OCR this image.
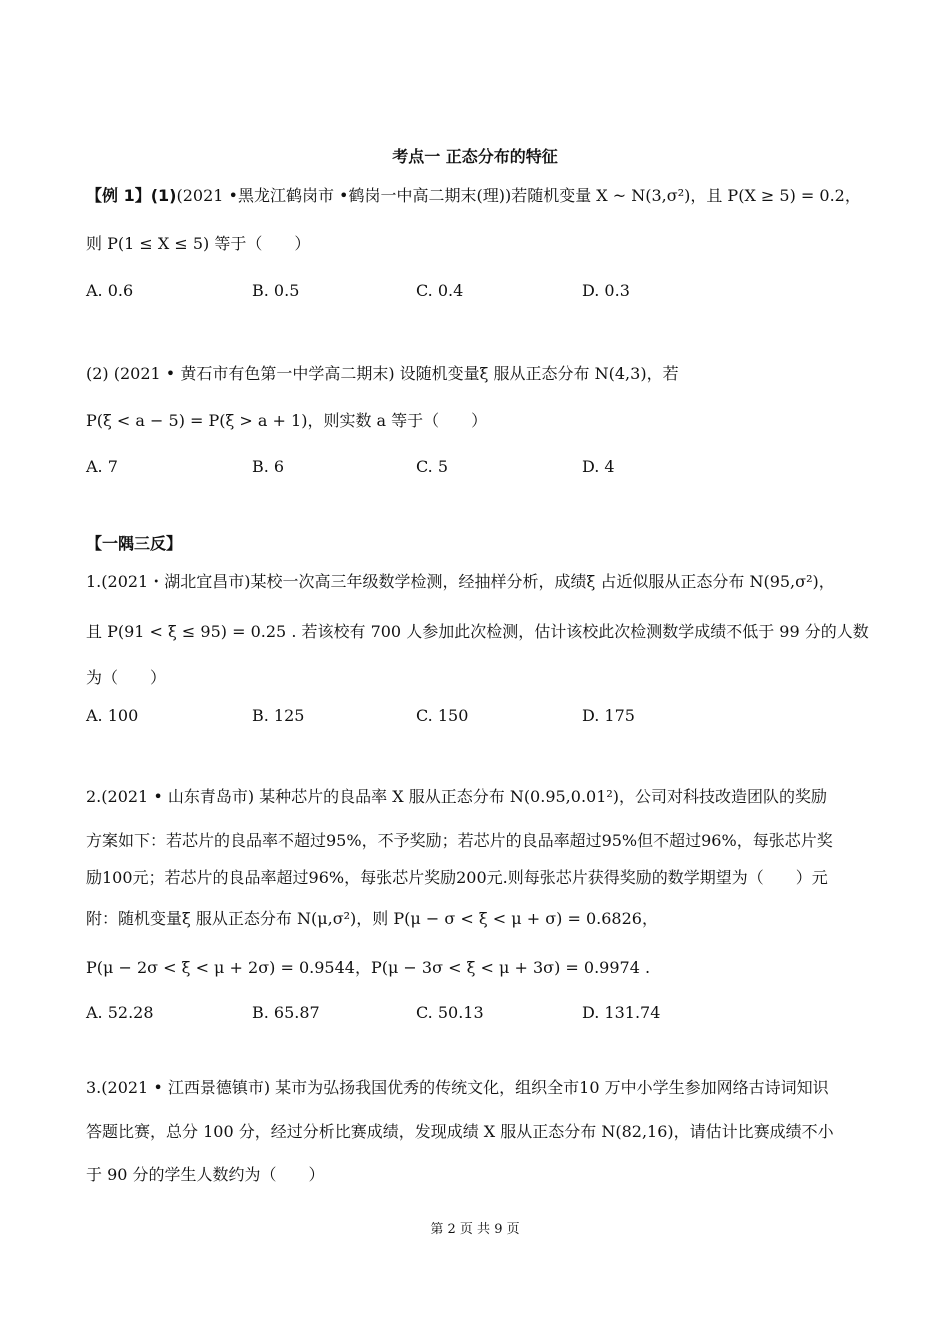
考点一 正态分布的特征
【例 1】(1)(2021 •黑龙江鹤岗市 •鹤岗一中高二期末(理))若随机变量 X ~ N(3,σ²)，且 P(X ≥ 5) = 0.2，
则 P(1 ≤ X ≤ 5) 等于（　　）
A. 0.6	B. 0.5	C. 0.4	D. 0.3
(2) (2021 • 黄石市有色第一中学高二期末) 设随机变量ξ 服从正态分布 N(4,3)，若
P(ξ < a − 5) = P(ξ > a + 1)，则实数 a 等于（　　）
A. 7	B. 6	C. 5	D. 4
【一隅三反】
1.(2021・湖北宜昌市)某校一次高三年级数学检测，经抽样分析，成绩ξ 占近似服从正态分布 N(95,σ²)，
且 P(91 < ξ ≤ 95) = 0.25 . 若该校有 700 人参加此次检测，估计该校此次检测数学成绩不低于 99 分的人数
为（　　）
A. 100	B. 125	C. 150	D. 175
2.(2021 • 山东青岛市) 某种芯片的良品率 X 服从正态分布 N(0.95,0.01²)，公司对科技改造团队的奖励
方案如下：若芯片的良品率不超过95%，不予奖励；若芯片的良品率超过95%但不超过96%，每张芯片奖
励100元；若芯片的良品率超过96%，每张芯片奖励200元.则每张芯片获得奖励的数学期望为（　　）元
附：随机变量ξ 服从正态分布 N(μ,σ²)，则 P(μ − σ < ξ < μ + σ) = 0.6826，
P(μ − 2σ < ξ < μ + 2σ) = 0.9544，P(μ − 3σ < ξ < μ + 3σ) = 0.9974 .
A. 52.28	B. 65.87	C. 50.13	D. 131.74
3.(2021 • 江西景德镇市) 某市为弘扬我国优秀的传统文化，组织全市10 万中小学生参加网络古诗词知识
答题比赛，总分 100 分，经过分析比赛成绩，发现成绩 X 服从正态分布 N(82,16)，请估计比赛成绩不小
于 90 分的学生人数约为（　　）
第 2 页 共 9 页
